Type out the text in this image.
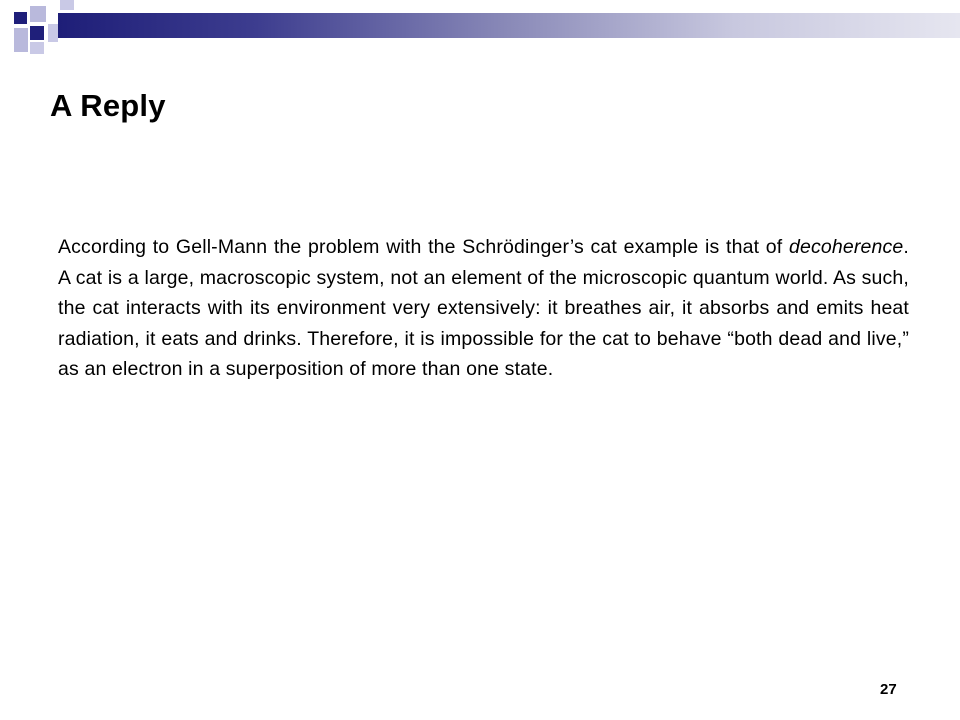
A Reply

According to Gell-Mann the problem with the Schrödinger’s cat example is that of decoherence. A cat is a large, macroscopic system, not an element of the microscopic quantum world. As such, the cat interacts with its environment very extensively: it breathes air, it absorbs and emits heat radiation, it eats and drinks. Therefore, it is impossible for the cat to behave “both dead and live,” as an electron in a superposition of more than one state.

27
